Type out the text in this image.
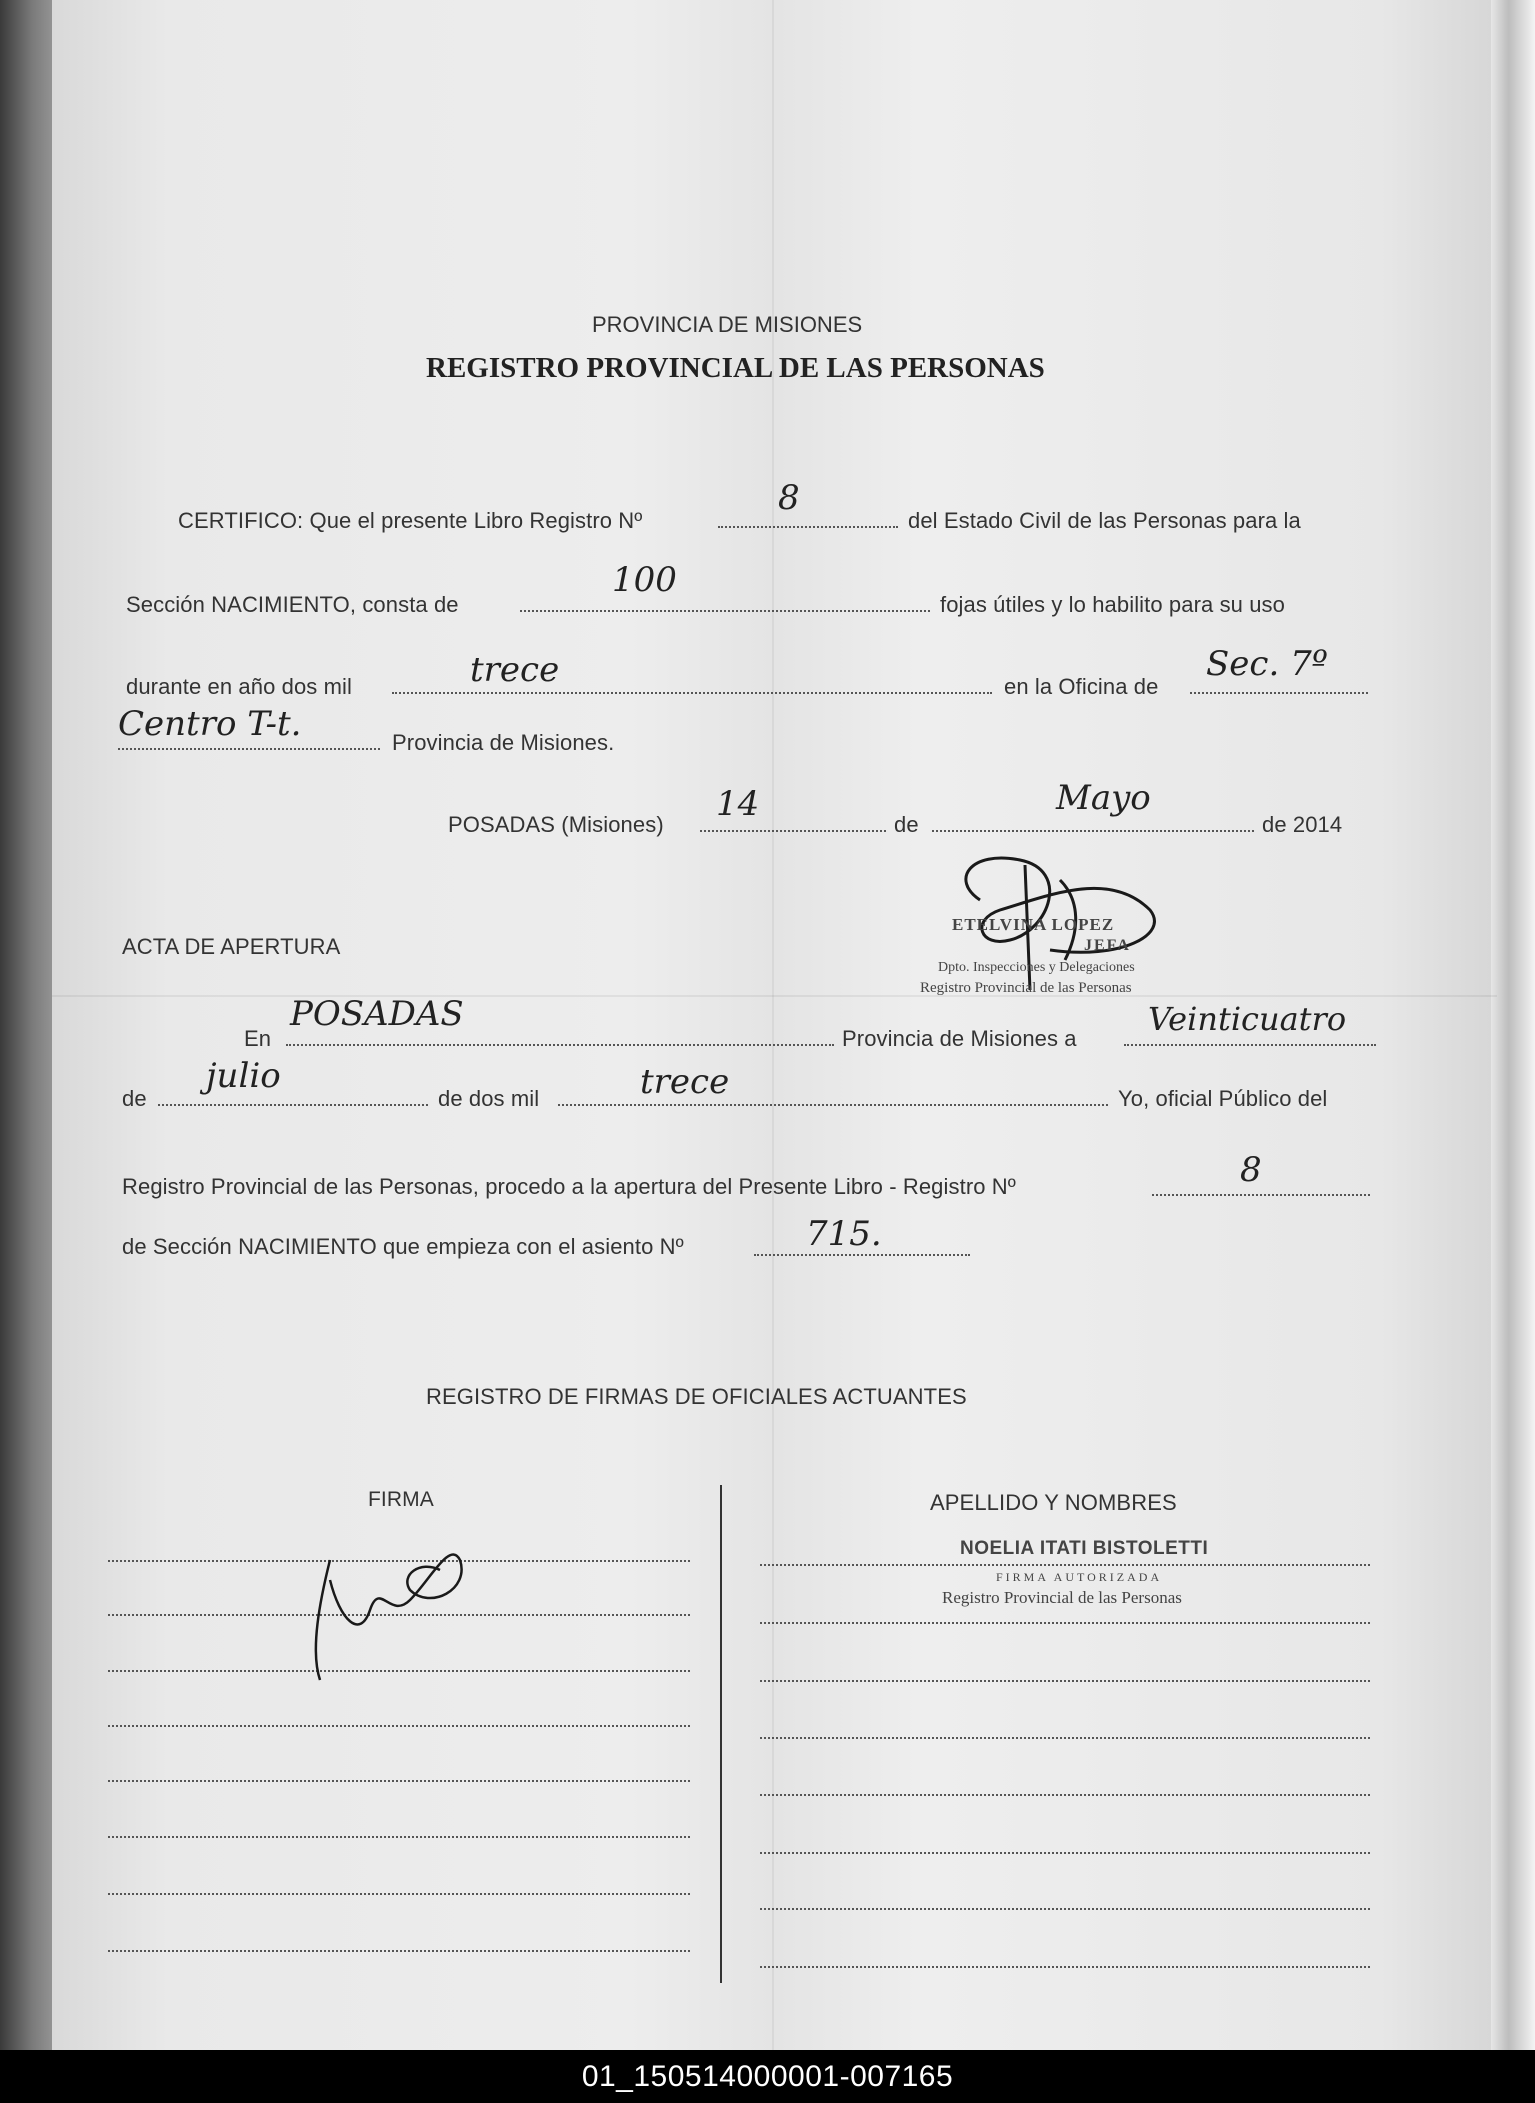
PROVINCIA DE MISIONES
REGISTRO PROVINCIAL DE LAS PERSONAS
CERTIFICO: Que el presente Libro Registro Nº
8
del Estado Civil de las Personas para la
Sección NACIMIENTO, consta de
100
fojas útiles y lo habilito para su uso
durante en año dos mil	trece	en la Oficina de
Sec. 7º
Centro T-t.	Provincia de Misiones.
POSADAS (Misiones)
14
de
Mayo
de 2014
ETELVINA LOPEZ
JEFA
Dpto. Inspecciones y Delegaciones
Registro Provincial de las Personas
ACTA DE APERTURA
En
POSADAS
Provincia de Misiones a
Veinticuatro
de
julio
de dos mil	trece	Yo, oficial Público del
Registro Provincial de las Personas, procedo a la apertura del Presente Libro - Registro Nº	8
de Sección NACIMIENTO que empieza con el asiento Nº	715.
REGISTRO DE FIRMAS DE OFICIALES ACTUANTES
FIRMA	APELLIDO Y NOMBRES
NOELIA ITATI BISTOLETTI
FIRMA AUTORIZADA
Registro Provincial de las Personas
01_150514000001-007165
